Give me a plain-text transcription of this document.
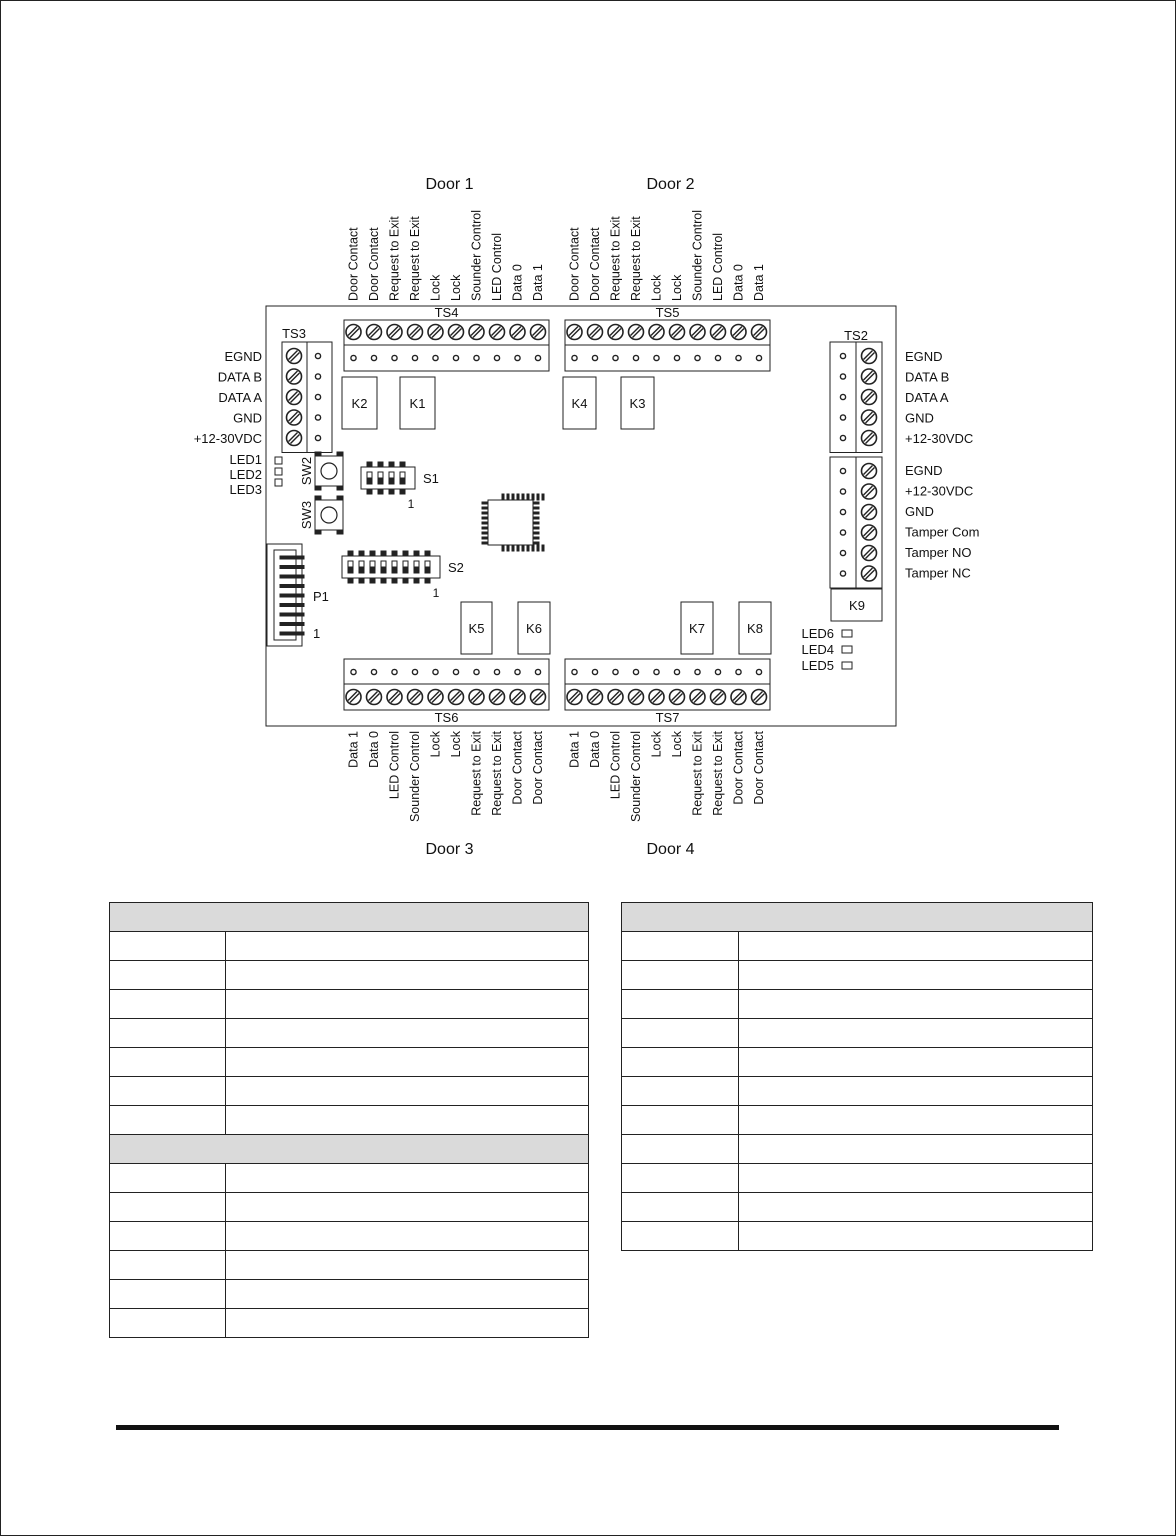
TS4
Door 1
Door Contact Door Contact Request to Exit Request to Exit Lock Lock Sounder Control LED Control Data 0 Data 1
TS5
Door 2
Door Contact Door Contact Request to Exit Request to Exit Lock Lock Sounder Control LED Control Data 0 Data 1
TS6
Door 3
Data 1 Data 0 LED Control Sounder Control Lock Lock Request to Exit Request to Exit Door Contact Door Contact
TS7
Door 4
Data 1 Data 0 LED Control Sounder Control Lock Lock Request to Exit Request to Exit Door Contact Door Contact
K2	K1	K4	K3
K5	K6	K7	K8
TS3
EGND
DATA B
DATA A
GND
+12-30VDC
TS2
EGND
DATA B
DATA A
GND
+12-30VDC
EGND
+12-30VDC
GND
Tamper Com
Tamper NO
Tamper NC
K9
LED1
LED2
LED3
LED6
LED4
LED5
SW2
SW3
S1
1
S2
1
P1
1
